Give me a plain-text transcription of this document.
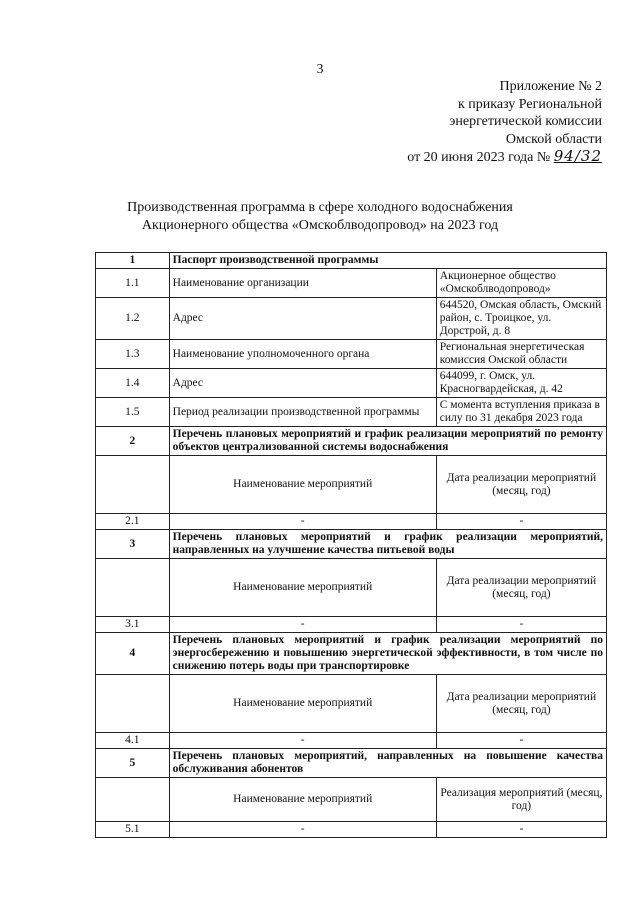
3
Приложение № 2
к приказу Региональной
энергетической комиссии
Омской области
от 20 июня 2023 года № 94/32
Производственная программа в сфере холодного водоснабжения
Акционерного общества «Омскоблводопровод» на 2023 год
1	Паспорт производственной программы	
1.1	Наименование организации	Акционерное общество «Омскоблводопровод»
1.2	Адрес	644520, Омская область, Омский район, с. Троицкое, ул. Дорстрой, д. 8
1.3	Наименование уполномоченного органа	Региональная энергетическая комиссия Омской области
1.4	Адрес	644099, г. Омск, ул. Красногвардейская, д. 42
1.5	Период реализации производственной программы	С момента вступления приказа в силу по 31 декабря 2023 года
2	Перечень плановых мероприятий и график реализации мероприятий по ремонту объектов централизованной системы водоснабжения	
	Наименование мероприятий	Дата реализации мероприятий (месяц, год)
2.1	-	-
3	Перечень плановых мероприятий и график реализации мероприятий, направленных на улучшение качества питьевой воды	
	Наименование мероприятий	Дата реализации мероприятий (месяц, год)
3.1	-	-
4	Перечень плановых мероприятий и график реализации мероприятий по энергосбережению и повышению энергетической эффективности, в том числе по снижению потерь воды при транспортировке	
	Наименование мероприятий	Дата реализации мероприятий (месяц, год)
4.1	-	-
5	Перечень плановых мероприятий, направленных на повышение качества обслуживания абонентов	
	Наименование мероприятий	Реализация мероприятий (месяц, год)
5.1	-	-
